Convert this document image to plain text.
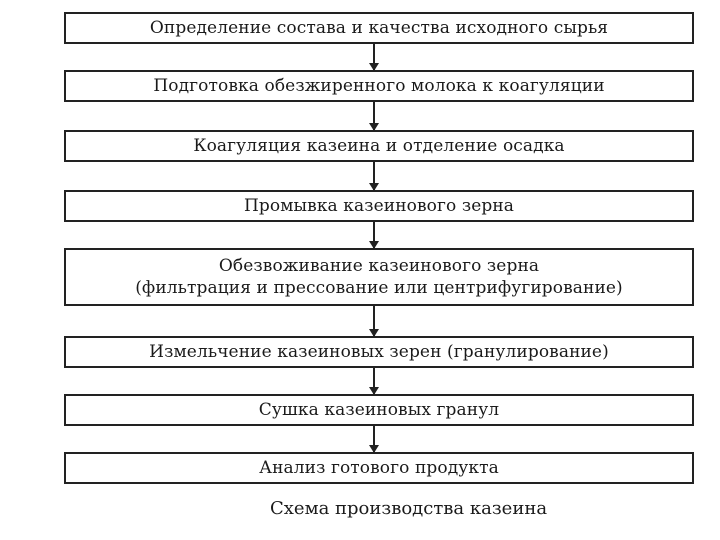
Определение состава и качества исходного сырья
Подготовка обезжиренного молока к коагуляции
Коагуляция казеина и отделение осадка
Промывка казеинового зерна
Обезвоживание казеинового зерна
(фильтрация и прессование или центрифугирование)
Измельчение казеиновых зерен (гранулирование)
Сушка казеиновых гранул
Анализ готового продукта
Схема производства казеина
